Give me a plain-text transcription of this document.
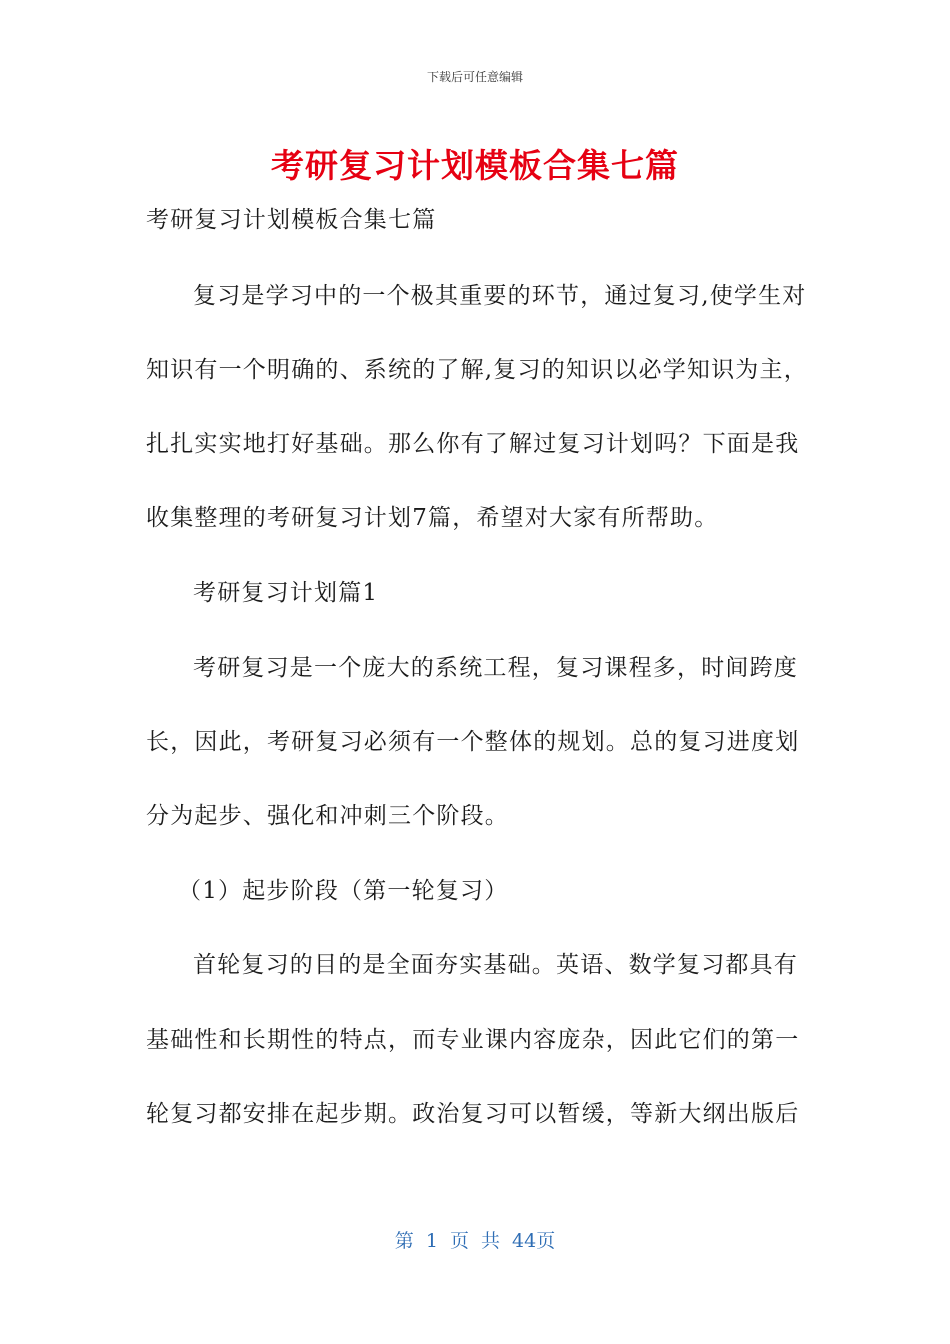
下载后可任意编辑
考研复习计划模板合集七篇
考研复习计划模板合集七篇
复习是学习中的一个极其重要的环节，通过复习,使学生对
知识有一个明确的、系统的了解,复习的知识以必学知识为主，
扎扎实实地打好基础。那么你有了解过复习计划吗？下面是我
收集整理的考研复习计划7篇，希望对大家有所帮助。
考研复习计划篇1
考研复习是一个庞大的系统工程，复习课程多，时间跨度
长，因此，考研复习必须有一个整体的规划。总的复习进度划
分为起步、强化和冲刺三个阶段。
（1）起步阶段（第一轮复习）
首轮复习的目的是全面夯实基础。英语、数学复习都具有
基础性和长期性的特点，而专业课内容庞杂，因此它们的第一
轮复习都安排在起步期。政治复习可以暂缓，等新大纲出版后
第 1 页 共 44页
